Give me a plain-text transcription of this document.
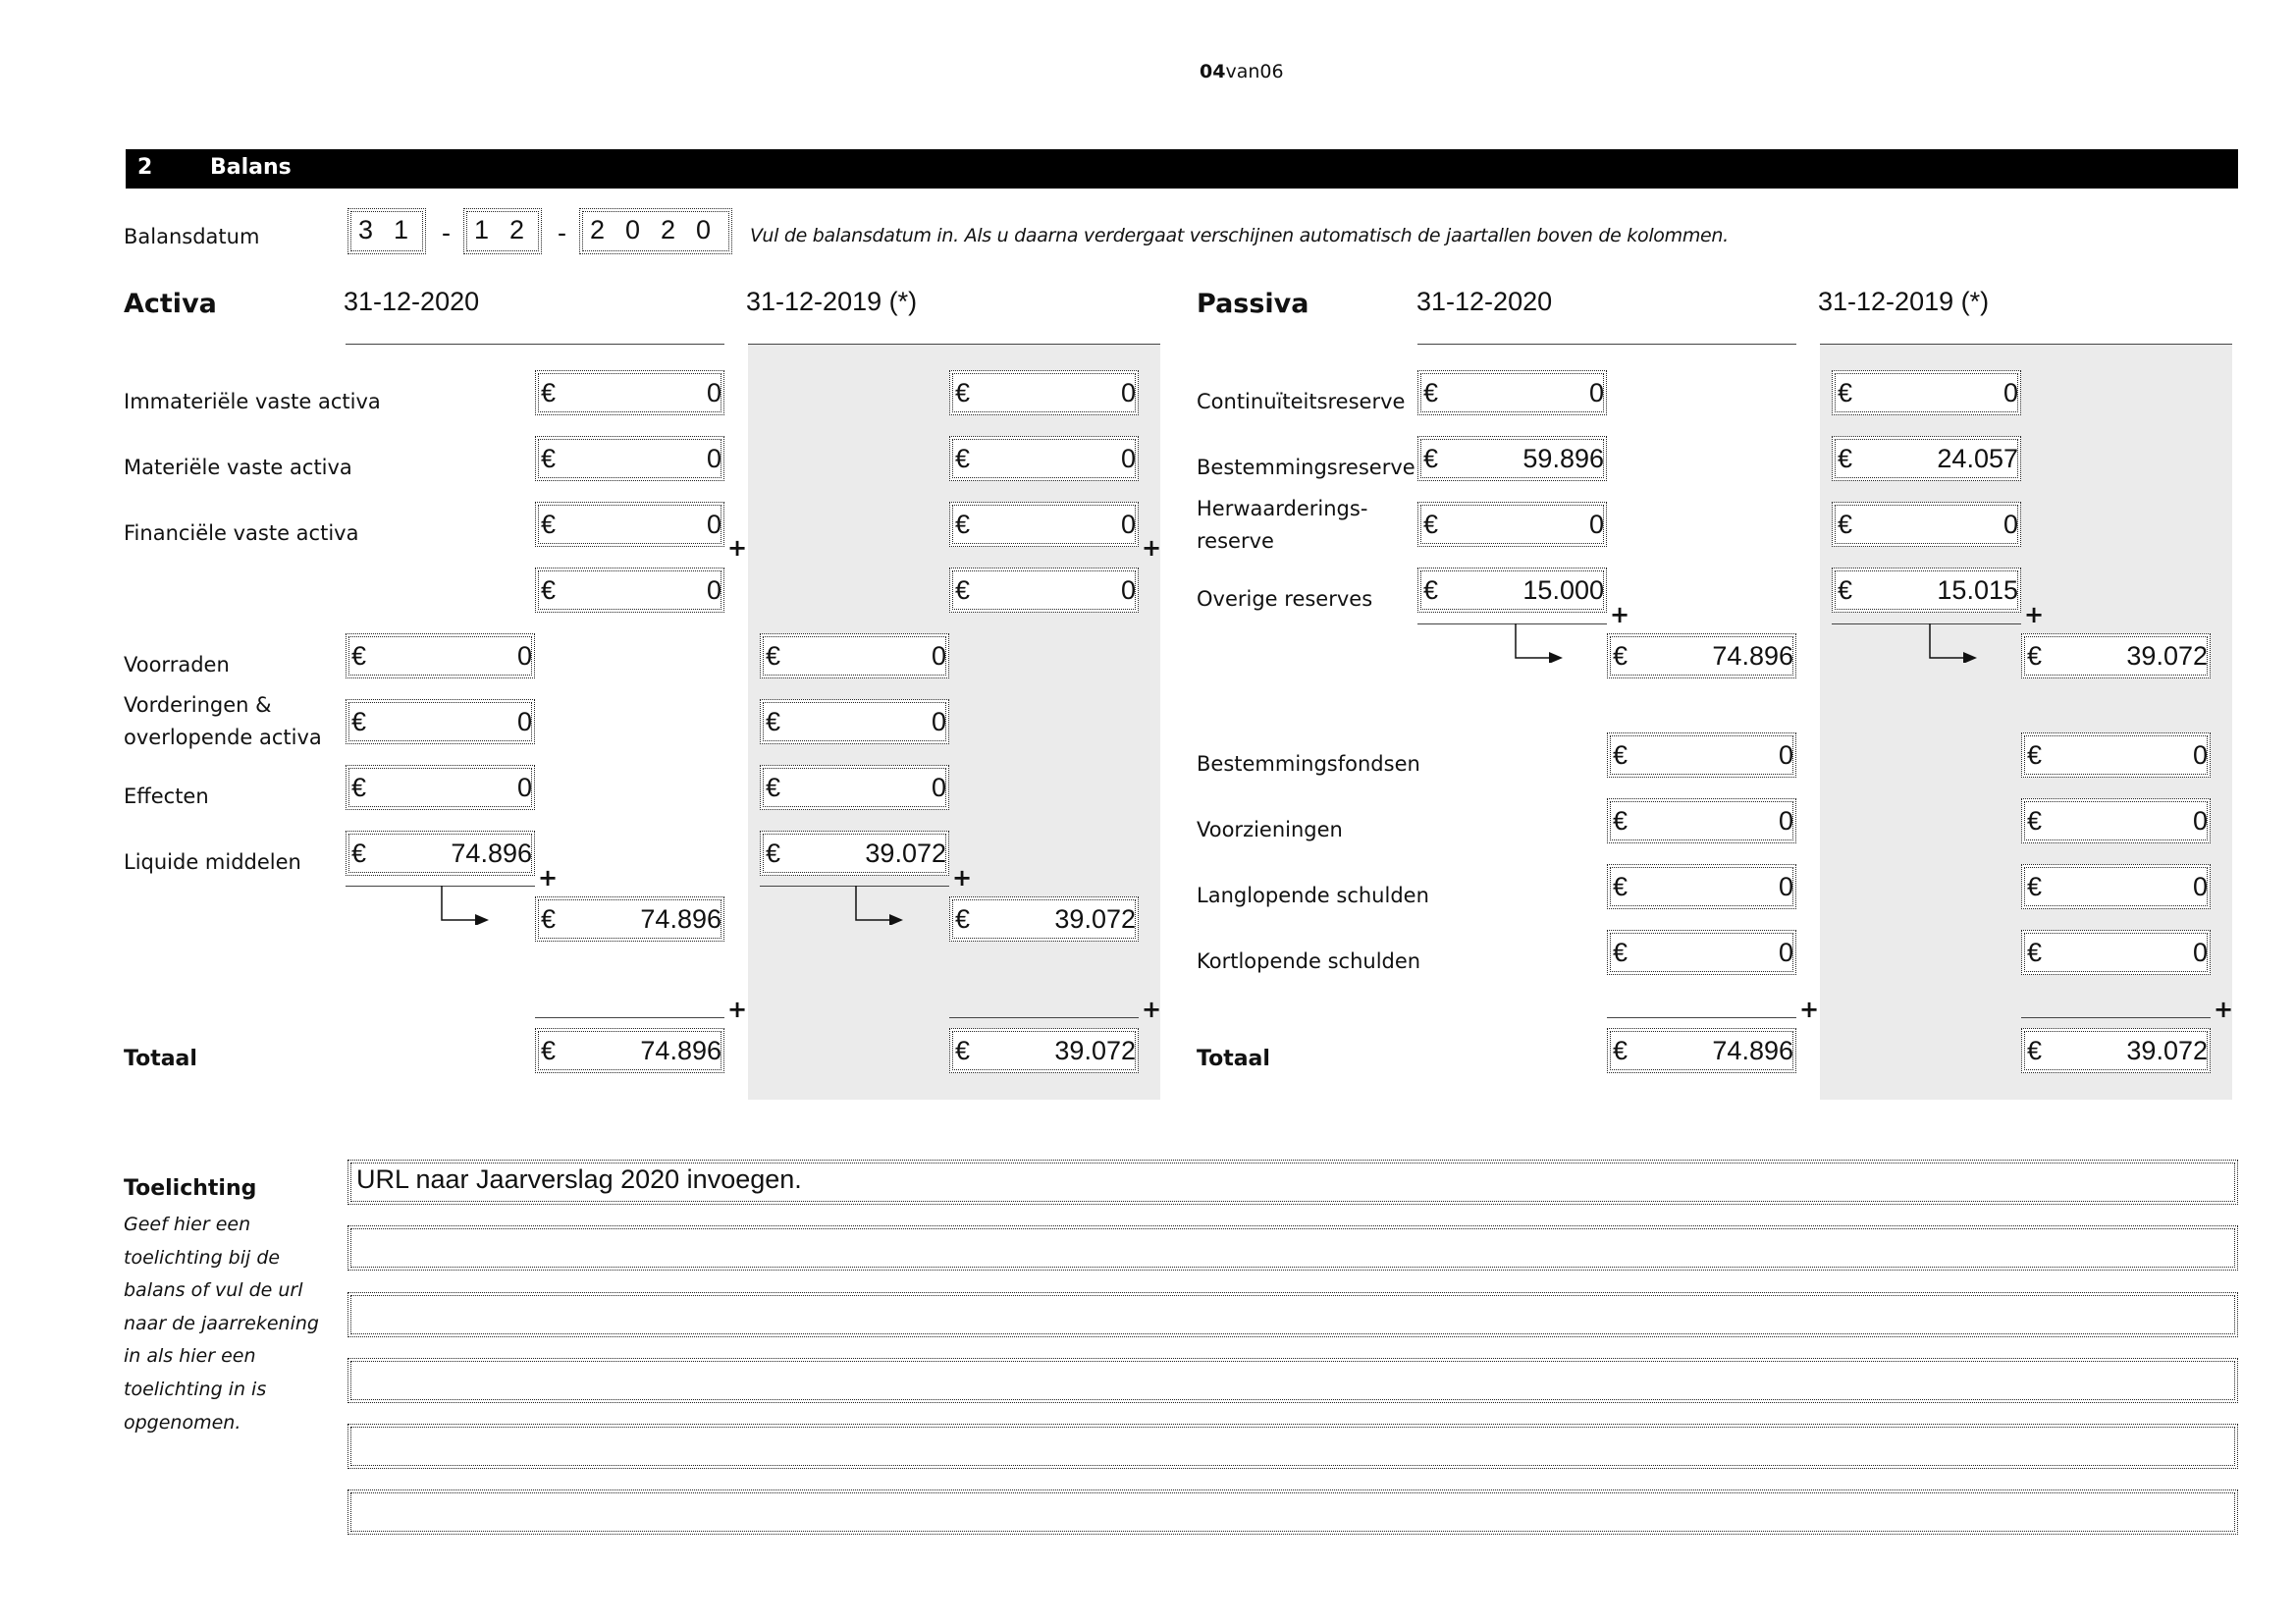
04van06
2	Balans
Balansdatum	3 1 - 1 2 - 2 0 2 0 Vul de balansdatum in. Als u daarna verdergaat verschijnen automatisch de jaartallen boven de kolommen.
Activa	31-12-2020	31-12-2019 (*)	Passiva	31-12-2020	31-12-2019 (*)
Immateriële vaste activa	€	0	€	0
Materiële vaste activa	€	0	€	0
Financiële vaste activa	€	0	€	0
+	+
€	0	€	0
Voorraden	€	0	€	0
Vorderingen &
overlopende activa
€	0	€	0
Effecten	€	0	€	0
Liquide middelen €	74.896	€	39.072
+	+
€	74.896	€	39.072
+	+
Totaal	€	74.896	€	39.072
Continuïteitsreserve €	0	€	0
Bestemmingsreserve €	59.896	€	24.057
Herwaarderings-
reserve
€	0	€	0
Overige reserves €	15.000	€	15.015
+	+
€	74.896	€	39.072
Bestemmingsfondsen	€	0	€	0
Voorzieningen	€	0	€	0
Langlopende schulden	€	0	€	0
Kortlopende schulden	€	0	€	0
+	+
Totaal	€	74.896	€	39.072
Toelichting
Geef hier een
toelichting bij de
balans of vul de url
naar de jaarrekening
in als hier een
toelichting in is
opgenomen.
URL naar Jaarverslag 2020 invoegen.
